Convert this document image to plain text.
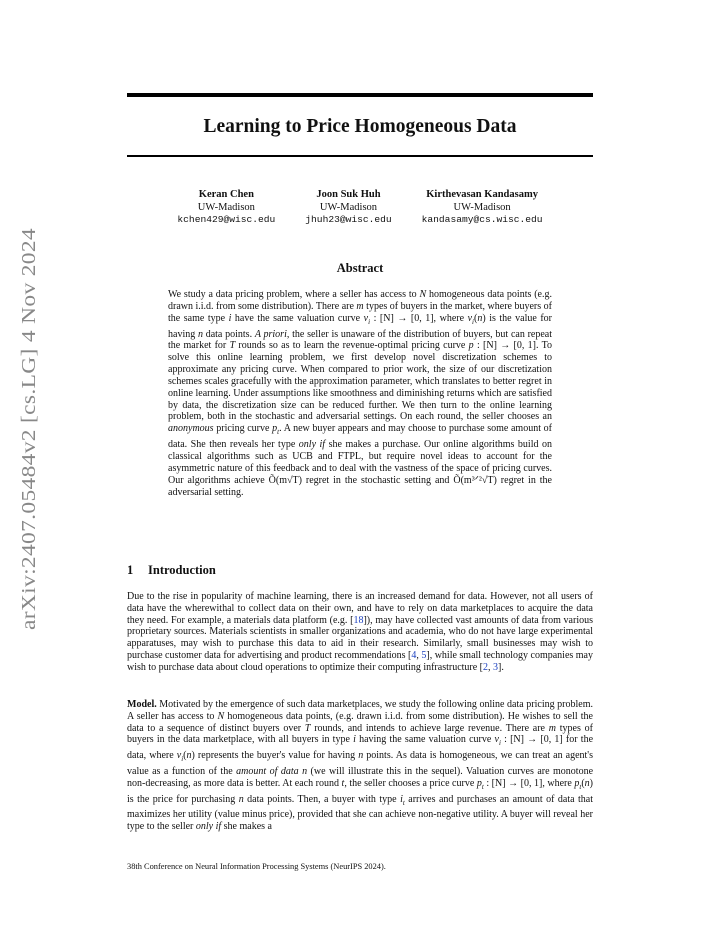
arXiv:2407.05484v2 [cs.LG] 4 Nov 2024
Learning to Price Homogeneous Data
Keran Chen
UW-Madison
kchen429@wisc.edu
Joon Suk Huh
UW-Madison
jhuh23@wisc.edu
Kirthevasan Kandasamy
UW-Madison
kandasamy@cs.wisc.edu
Abstract

We study a data pricing problem, where a seller has access to N homogeneous data points (e.g. drawn i.i.d. from some distribution). There are m types of buyers in the market, where buyers of the same type i have the same valuation curve $v_i$ : [N] → [0, 1], where $v_i(n)$ is the value for having n data points. A priori, the seller is unaware of the distribution of buyers, but can repeat the market for T rounds so as to learn the revenue-optimal pricing curve p : [N] → [0, 1]. To solve this online learning problem, we first develop novel discretization schemes to approximate any pricing curve. When compared to prior work, the size of our discretization schemes scales gracefully with the approximation parameter, which translates to better regret in online learning. Under assumptions like smoothness and diminishing returns which are satisfied by data, the discretization size can be reduced further. We then turn to the online learning problem, both in the stochastic and adversarial settings. On each round, the seller chooses an anonymous pricing curve $p_t$. A new buyer appears and may choose to purchase some amount of data. She then reveals her type only if she makes a purchase. Our online algorithms build on classical algorithms such as UCB and FTPL, but require novel ideas to account for the asymmetric nature of this feedback and to deal with the vastness of the space of pricing curves. Our algorithms achieve Õ(m√T) regret in the stochastic setting and Õ(m³ᐟ²√T) regret in the adversarial setting.

1 Introduction

Due to the rise in popularity of machine learning, there is an increased demand for data. However, not all users of data have the wherewithal to collect data on their own, and have to rely on data marketplaces to acquire the data they need. For example, a materials data platform (e.g. [18]), may have collected vast amounts of data from various proprietary sources. Materials scientists in smaller organizations and academia, who do not have large experimental apparatuses, may wish to purchase this data to aid in their research. Similarly, small businesses may wish to purchase customer data for advertising and product recommendations [4, 5], while small technology companies may wish to purchase data about cloud operations to optimize their computing infrastructure [2, 3].

Model. Motivated by the emergence of such data marketplaces, we study the following online data pricing problem. A seller has access to N homogeneous data points, (e.g. drawn i.i.d. from some distribution). He wishes to sell the data to a sequence of distinct buyers over T rounds, and intends to achieve large revenue. There are m types of buyers in the data marketplace, with all buyers in type i having the same valuation curve $v_i$ : [N] → [0, 1] for the data, where $v_i(n)$ represents the buyer's value for having n points. As data is homogeneous, we can treat an agent's value as a function of the amount of data n (we will illustrate this in the sequel). Valuation curves are monotone non-decreasing, as more data is better. At each round t, the seller chooses a price curve $p_t$ : [N] → [0, 1], where $p_t(n)$ is the price for purchasing n data points. Then, a buyer with type $i_t$ arrives and purchases an amount of data that maximizes her utility (value minus price), provided that she can achieve non-negative utility. A buyer will reveal her type to the seller only if she makes a

38th Conference on Neural Information Processing Systems (NeurIPS 2024).
